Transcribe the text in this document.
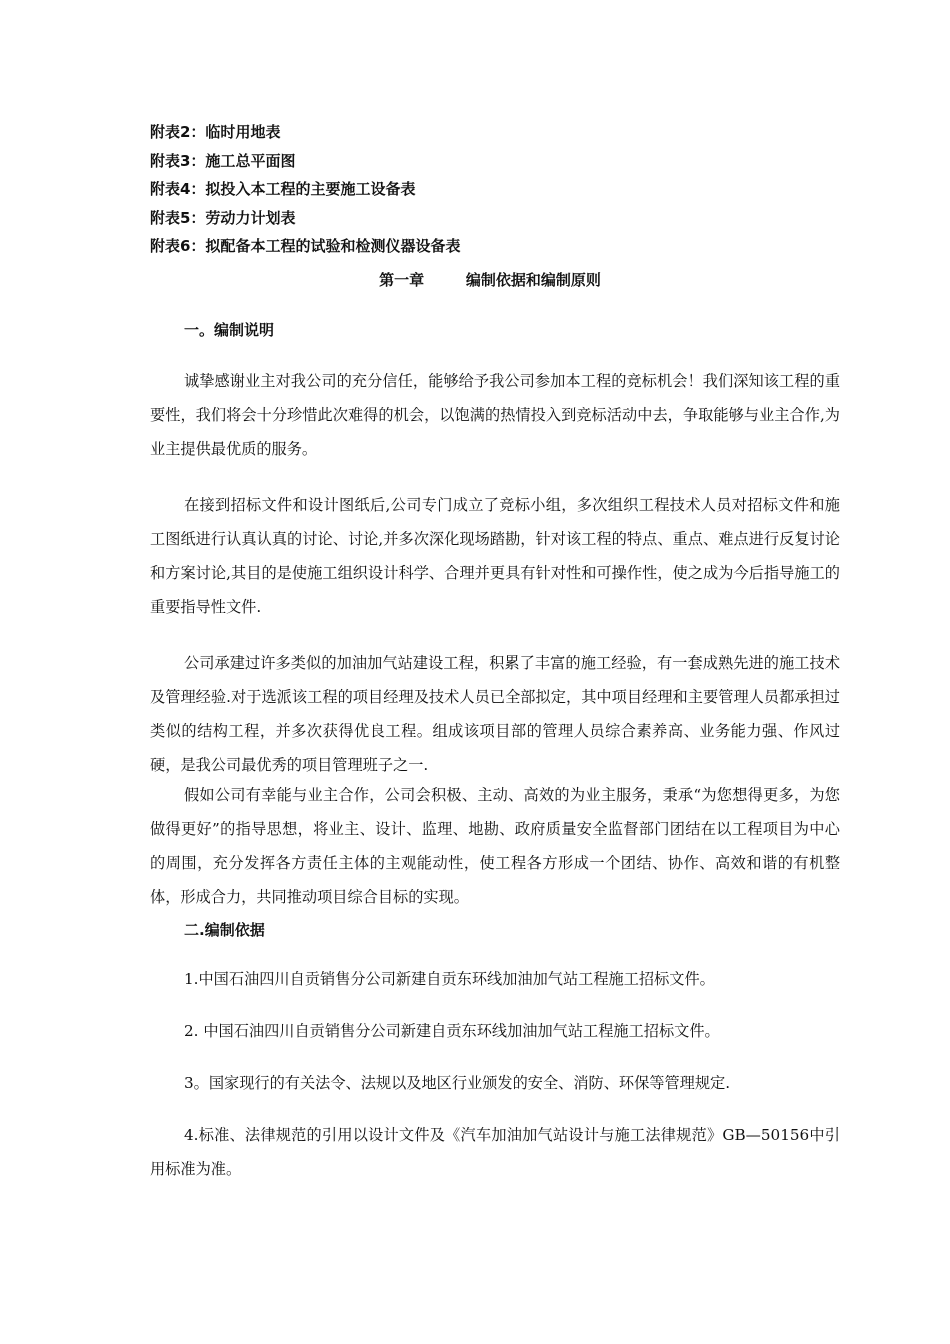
附表2：临时用地表
附表3：施工总平面图
附表4：拟投入本工程的主要施工设备表
附表5：劳动力计划表
附表6：拟配备本工程的试验和检测仪器设备表
第一章        编制依据和编制原则
一。编制说明
诚挚感谢业主对我公司的充分信任，能够给予我公司参加本工程的竞标机会！我们深知该工程的重要性，我们将会十分珍惜此次难得的机会，以饱满的热情投入到竞标活动中去，争取能够与业主合作,为业主提供最优质的服务。
在接到招标文件和设计图纸后,公司专门成立了竞标小组，多次组织工程技术人员对招标文件和施工图纸进行认真认真的讨论、讨论,并多次深化现场踏勘，针对该工程的特点、重点、难点进行反复讨论和方案讨论,其目的是使施工组织设计科学、合理并更具有针对性和可操作性，使之成为今后指导施工的重要指导性文件.
公司承建过许多类似的加油加气站建设工程，积累了丰富的施工经验，有一套成熟先进的施工技术及管理经验.对于选派该工程的项目经理及技术人员已全部拟定，其中项目经理和主要管理人员都承担过类似的结构工程，并多次获得优良工程。组成该项目部的管理人员综合素养高、业务能力强、作风过硬，是我公司最优秀的项目管理班子之一.
假如公司有幸能与业主合作，公司会积极、主动、高效的为业主服务，秉承“为您想得更多，为您做得更好”的指导思想，将业主、设计、监理、地勘、政府质量安全监督部门团结在以工程项目为中心的周围，充分发挥各方责任主体的主观能动性，使工程各方形成一个团结、协作、高效和谐的有机整体，形成合力，共同推动项目综合目标的实现。
二.编制依据
1.中国石油四川自贡销售分公司新建自贡东环线加油加气站工程施工招标文件。
2. 中国石油四川自贡销售分公司新建自贡东环线加油加气站工程施工招标文件。
3。国家现行的有关法令、法规以及地区行业颁发的安全、消防、环保等管理规定.
4.标准、法律规范的引用以设计文件及《汽车加油加气站设计与施工法律规范》GB—50156中引用标准为准。
